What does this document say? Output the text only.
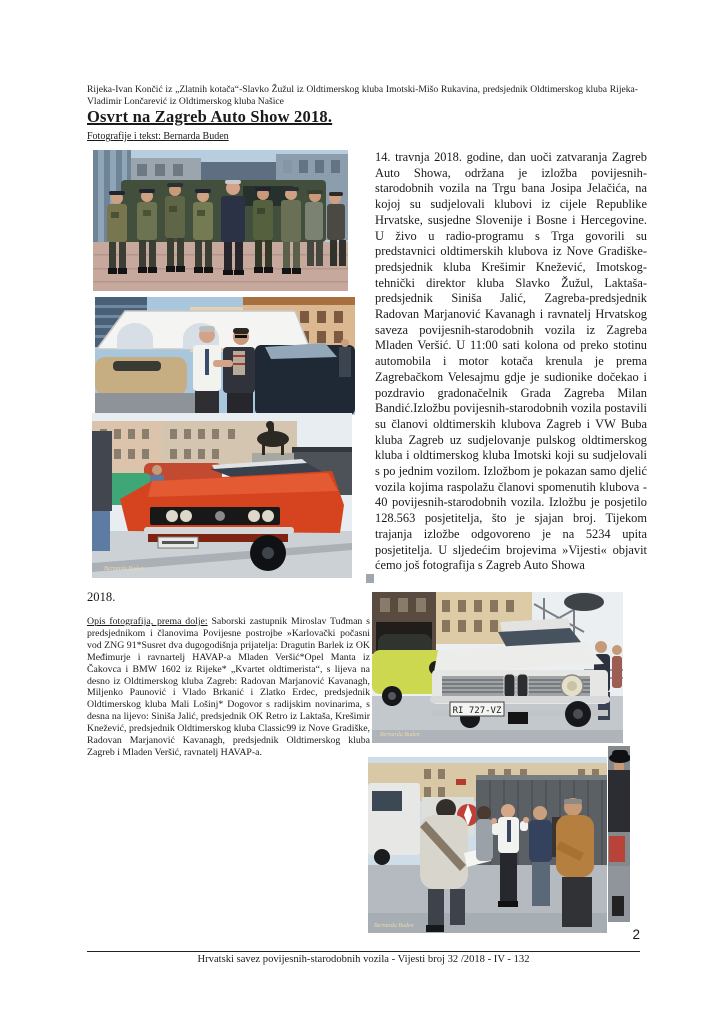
Rijeka-Ivan Končić iz „Zlatnih kotača“-Slavko Žužul iz Oldtimerskog kluba Imotski-Mišo Rukavina, predsjednik Oldtimerskog kluba Rijeka-Vladimir Lončarević iz Oldtimerskog kluba Našice
Osvrt na Zagreb Auto Show 2018.
Fotografije i tekst: Bernarda Buden
Bernarda Buden
14. travnja 2018. godine, dan uoči zatvaranja Zagreb Auto Showa, održana je izložba povijesnih-starodobnih vozila na Trgu bana Josipa Jelačića, na kojoj su sudjelovali klubovi iz cijele Republike Hrvatske, susjedne Slovenije i Bosne i Hercegovine. U živo u radio-programu s Trga govorili su predstavnici oldtimerskih klubova iz Nove Gradiške-predsjednik kluba Krešimir Knežević, Imotskog-tehnički direktor kluba Slavko Žužul, Laktaša-predsjednik Siniša Jalić, Zagreba-predsjednik Radovan Marjanović Kavanagh i ravnatelj Hrvatskog saveza povijesnih-starodobnih vozila iz Zagreba Mladen Veršić. U 11:00 sati kolona od preko stotinu automobila i motor kotača krenula je prema Zagrebačkom Velesajmu gdje je sudionike dočekao i pozdravio gradonačelnik Grada Zagreba Milan Bandić.Izložbu povijesnih-starodobnih vozila postavili su članovi oldtimerskih klubova Zagreb i VW Buba kluba Zagreb uz sudjelovanje pulskog oldtimerskog kluba i oldtimerskog kluba Imotski koji su sudjelovali s po jednim vozilom. Izložbom je pokazan samo djelić vozila kojima raspolažu članovi spomenutih klubova - 40 povijesnih-starodobnih vozila. Izložbu je posjetilo 128.563 posjetitelja, što je sjajan broj. Tijekom trajanja izložbe odgovoreno je na 5234 upita posjetitelja. U sljedećim brojevima »Vijesti« objavit ćemo još fotografija s Zagreb Auto Showa
2018.
Opis fotografija, prema dolje: Saborski zastupnik Miroslav Tuđman s predsjednikom i članovima Povijesne postrojbe »Karlovački počasni vod ZNG 91*Susret dva dugogodišnja prijatelja: Dragutin Barlek iz OK Međimurje i ravnartelj HAVAP-a Mladen Veršić*Opel Manta iz Čakovca i BMW 1602 iz Rijeke* „Kvartet oldtimerista“, s lijeva na desno iz Oldtimerskog kluba Zagreb: Radovan Marjanović Kavanagh, Miljenko Paunović i Vlado Brkanić i Zlatko Erdec, predsjednik Oldtimerskog kluba Mali Lošinj* Dogovor s radijskim novinarima, s desna na lijevo: Siniša Jalić, predsjednik OK Retro iz Laktaša, Krešimir Knežević, predsjednik Oldtimerskog kluba Classic99 iz Nove Gradiške, Radovan Marjanović Kavanagh, predsjednik Oldtimerskog kluba Zagreb i Mladen Veršić, ravnatelj HAVAP-a.
RI 727-VZ
Bernarda Buden
Bernarda Buden
2
Hrvatski savez povijesnih-starodobnih vozila - Vijesti broj 32 /2018 - IV - 132
